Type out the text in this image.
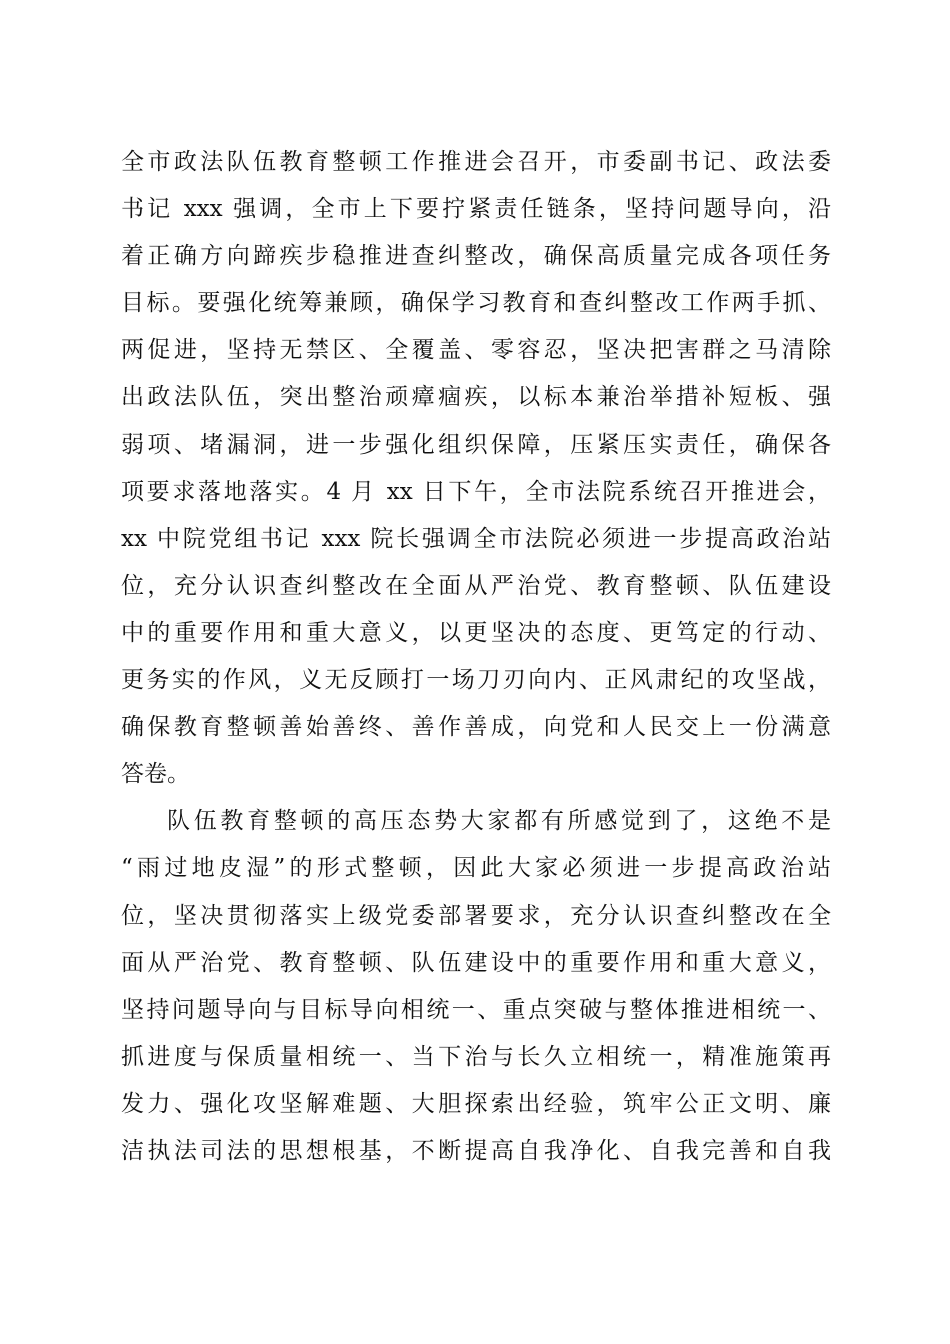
全市政法队伍教育整顿工作推进会召开，市委副书记、政法委
书记 xxx 强调，全市上下要拧紧责任链条，坚持问题导向，沿
着正确方向蹄疾步稳推进查纠整改，确保高质量完成各项任务
目标。要强化统筹兼顾，确保学习教育和查纠整改工作两手抓、
两促进，坚持无禁区、全覆盖、零容忍，坚决把害群之马清除
出政法队伍，突出整治顽瘴痼疾，以标本兼治举措补短板、强
弱项、堵漏洞，进一步强化组织保障，压紧压实责任，确保各
项要求落地落实。4 月 xx 日下午，全市法院系统召开推进会，
xx 中院党组书记 xxx 院长强调全市法院必须进一步提高政治站
位，充分认识查纠整改在全面从严治党、教育整顿、队伍建设
中的重要作用和重大意义，以更坚决的态度、更笃定的行动、
更务实的作风，义无反顾打一场刀刃向内、正风肃纪的攻坚战，
确保教育整顿善始善终、善作善成，向党和人民交上一份满意
答卷。
队伍教育整顿的高压态势大家都有所感觉到了，这绝不是
“雨过地皮湿”的形式整顿，因此大家必须进一步提高政治站
位，坚决贯彻落实上级党委部署要求，充分认识查纠整改在全
面从严治党、教育整顿、队伍建设中的重要作用和重大意义，
坚持问题导向与目标导向相统一、重点突破与整体推进相统一、
抓进度与保质量相统一、当下治与长久立相统一，精准施策再
发力、强化攻坚解难题、大胆探索出经验，筑牢公正文明、廉
洁执法司法的思想根基，不断提高自我净化、自我完善和自我
